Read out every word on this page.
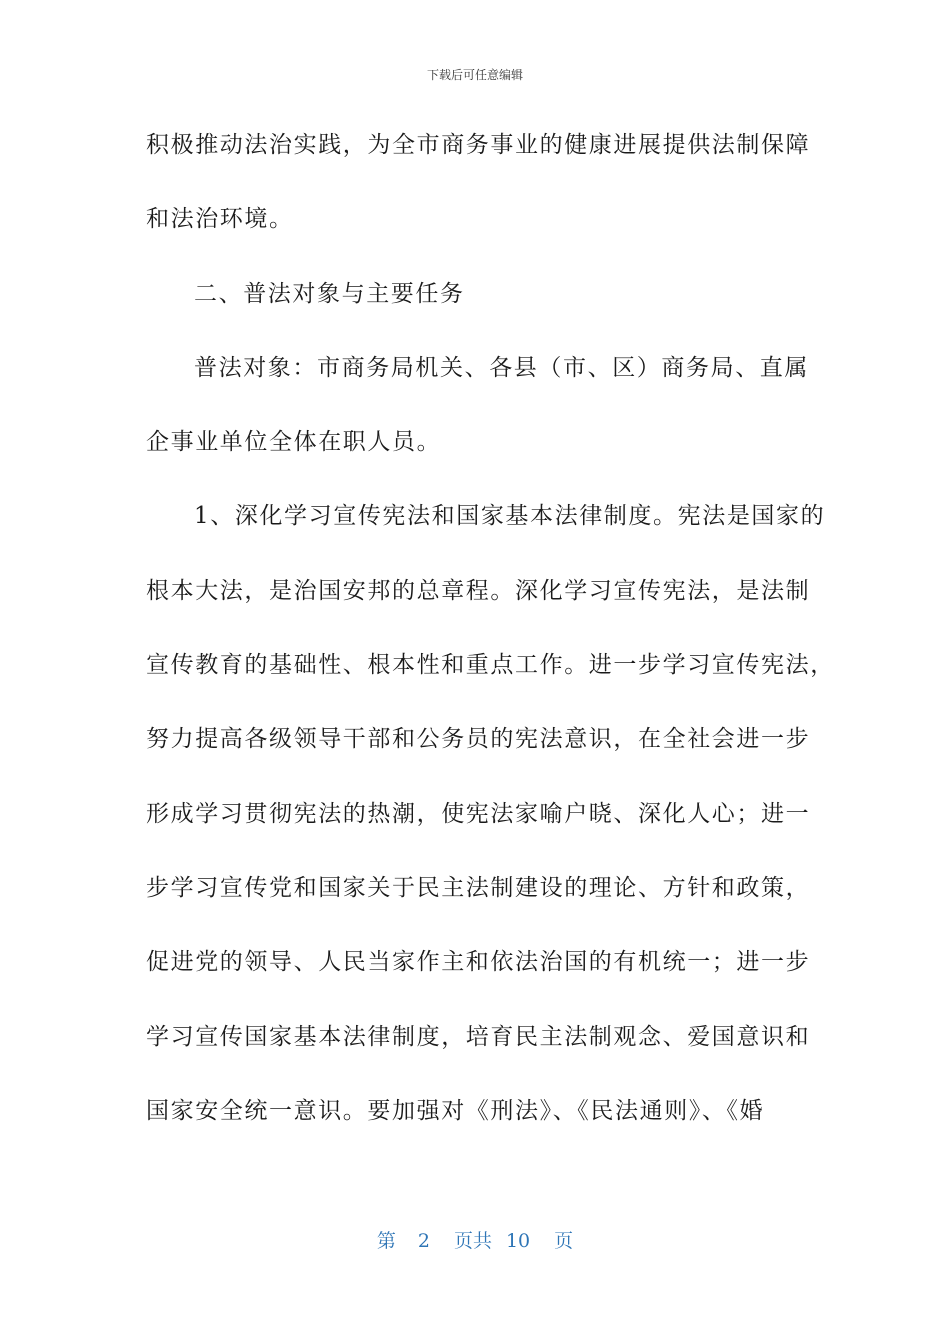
下载后可任意编辑
积极推动法治实践，为全市商务事业的健康进展提供法制保障
和法治环境。
二、普法对象与主要任务
普法对象：市商务局机关、各县（市、区）商务局、直属
企事业单位全体在职人员。
1、深化学习宣传宪法和国家基本法律制度。宪法是国家的
根本大法，是治国安邦的总章程。深化学习宣传宪法，是法制
宣传教育的基础性、根本性和重点工作。进一步学习宣传宪法，
努力提高各级领导干部和公务员的宪法意识，在全社会进一步
形成学习贯彻宪法的热潮，使宪法家喻户晓、深化人心；进一
步学习宣传党和国家关于民主法制建设的理论、方针和政策，
促进党的领导、人民当家作主和依法治国的有机统一；进一步
学习宣传国家基本法律制度，培育民主法制观念、爱国意识和
国家安全统一意识。要加强对《刑法》、《民法通则》、《婚
第 2 页共 10 页
